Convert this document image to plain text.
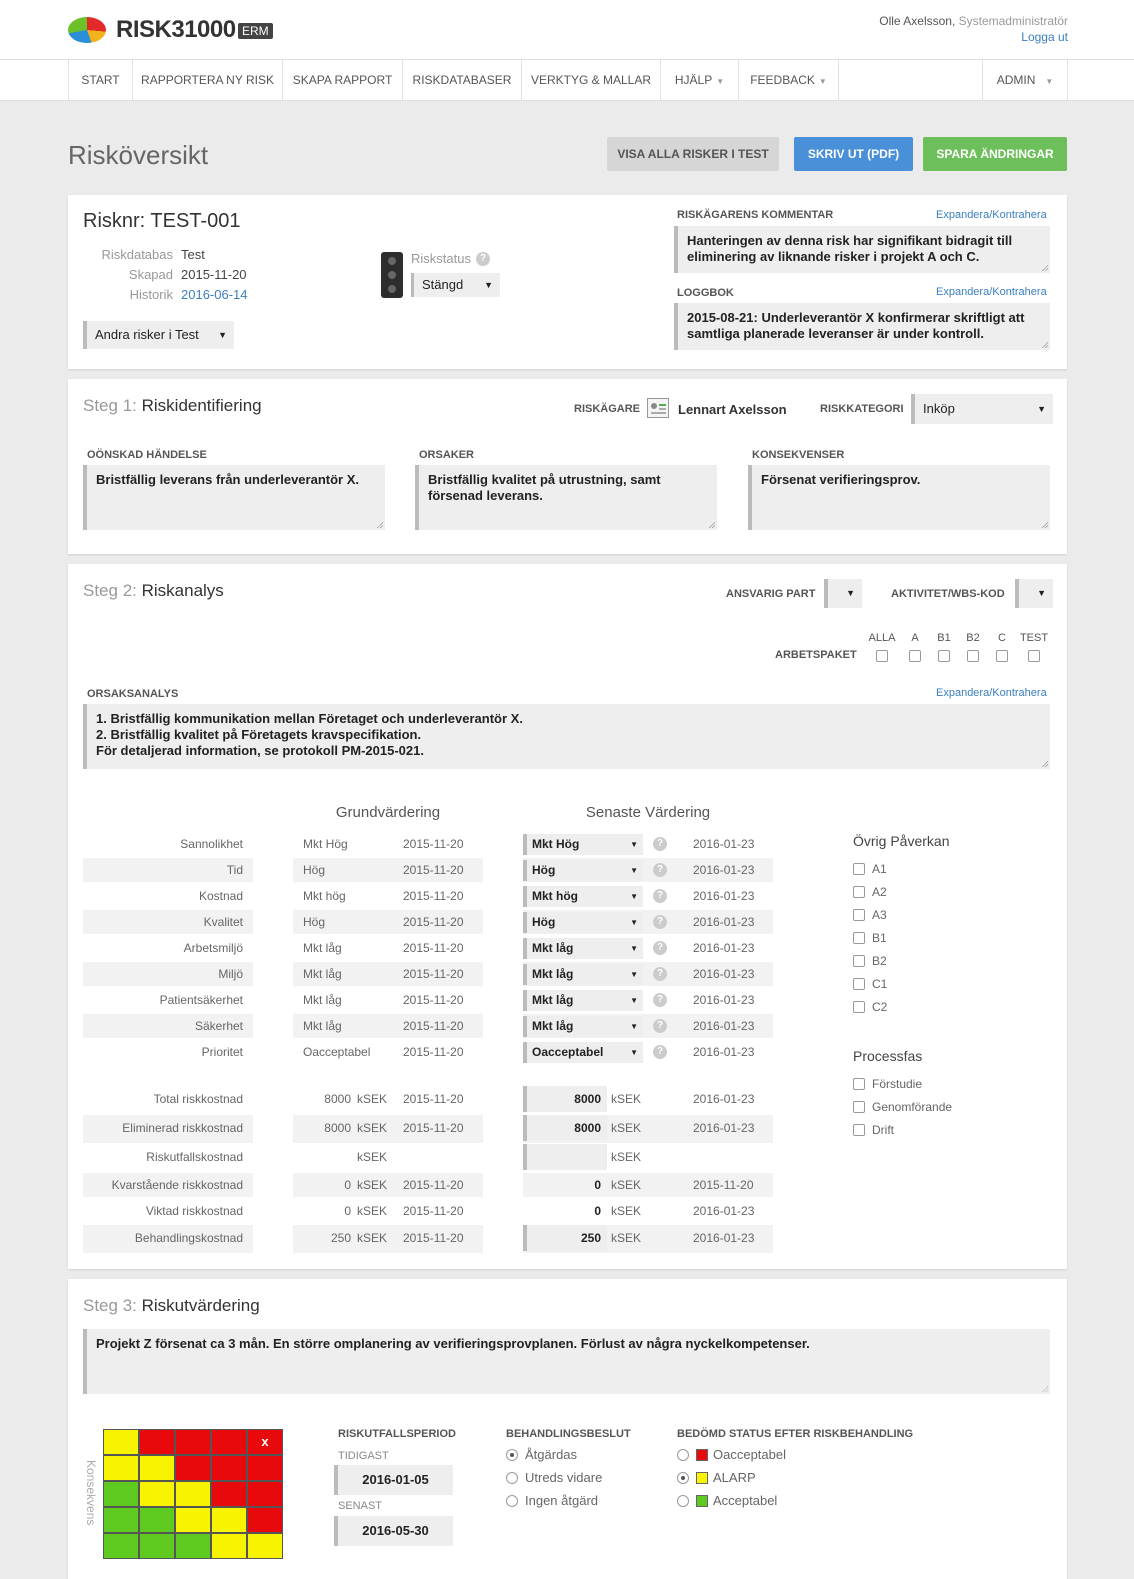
RISK31000 ERM
Olle Axelsson, Systemadministratör
Logga ut
START	RAPPORTERA NY RISK	SKAPA RAPPORT	RISKDATABASER	VERKTYG & MALLAR	HJÄLP ▼	FEEDBACK ▼	ADMIN ▼
Risköversikt	VISA ALLA RISKER I TEST	SKRIV UT (PDF)	SPARA ÄNDRINGAR
Risknr: TEST-001
Riskdatabas Test
Skapad 2015-11-20
Historik 2016-06-14
Andra risker i Test ▼
Riskstatus ?
Stängd ▼
RISKÄGARENS KOMMENTAR	Expandera/Kontrahera
Hanteringen av denna risk har signifikant bidragit till eliminering av liknande risker i projekt A och C.
LOGGBOK	Expandera/Kontrahera
2015-08-21: Underleverantör X konfirmerar skriftligt att samtliga planerade leveranser är under kontroll.
Steg 1: Riskidentifiering	RISKÄGARE	Lennart Axelsson	RISKKATEGORI	Inköp	▼
OÖNSKAD HÄNDELSE
Bristfällig leverans från underleverantör X.
ORSAKER
Bristfällig kvalitet på utrustning, samt försenad leverans.
KONSEKVENSER
Försenat verifieringsprov.
Steg 2: Riskanalys	ANSVARIG PART	▼	AKTIVITET/WBS-KOD	▼
ARBETSPAKET
ALLA	A	B1 B2	C	TEST
ORSAKSANALYS	Expandera/Kontrahera
1. Bristfällig kommunikation mellan Företaget och underleverantör X.
2. Bristfällig kvalitet på Företagets kravspecifikation.
För detaljerad information, se protokoll PM-2015-021.
Grundvärdering	Senaste Värdering
Sannolikhet	Mkt Hög	2015-11-20	Mkt Hög	▼	?	2016-01-23
Tid	Hög	2015-11-20	Hög	▼	?	2016-01-23
Kostnad	Mkt hög	2015-11-20	Mkt hög	▼	?	2016-01-23
Kvalitet	Hög	2015-11-20	Hög	▼	?	2016-01-23
Arbetsmiljö	Mkt låg	2015-11-20	Mkt låg	▼	?	2016-01-23
Miljö	Mkt låg	2015-11-20	Mkt låg	▼	?	2016-01-23
Patientsäkerhet	Mkt låg	2015-11-20	Mkt låg	▼	?	2016-01-23
Säkerhet	Mkt låg	2015-11-20	Mkt låg	▼	?	2016-01-23
Prioritet	Oacceptabel	2015-11-20	Oacceptabel	▼	?	2016-01-23
Total riskkostnad	8000 kSEK 2015-11-20	8000 kSEK	2016-01-23
Eliminerad riskkostnad	8000 kSEK 2015-11-20	8000 kSEK	2016-01-23
Riskutfallskostnad	kSEK	kSEK
Kvarstående riskkostnad	0 kSEK 2015-11-20	0 kSEK	2015-11-20
Viktad riskkostnad	0 kSEK 2015-11-20	0 kSEK	2016-01-23
Behandlingskostnad	250 kSEK 2015-11-20	250 kSEK	2016-01-23
Övrig Påverkan
A1
A2
A3
B1
B2
C1
C2
Processfas
Förstudie
Genomförande
Drift
Steg 3: Riskutvärdering
Projekt Z försenat ca 3 mån. En större omplanering av verifieringsprovplanen. Förlust av några nyckelkompetenser.
Konsekvens
x	RISKUTFALLSPERIOD
TIDIGAST
2016-01-05
SENAST
2016-05-30
BEHANDLINGSBESLUT
Åtgärdas
Utreds vidare
Ingen åtgärd
BEDÖMD STATUS EFTER RISKBEHANDLING
Oacceptabel
ALARP
Acceptabel
